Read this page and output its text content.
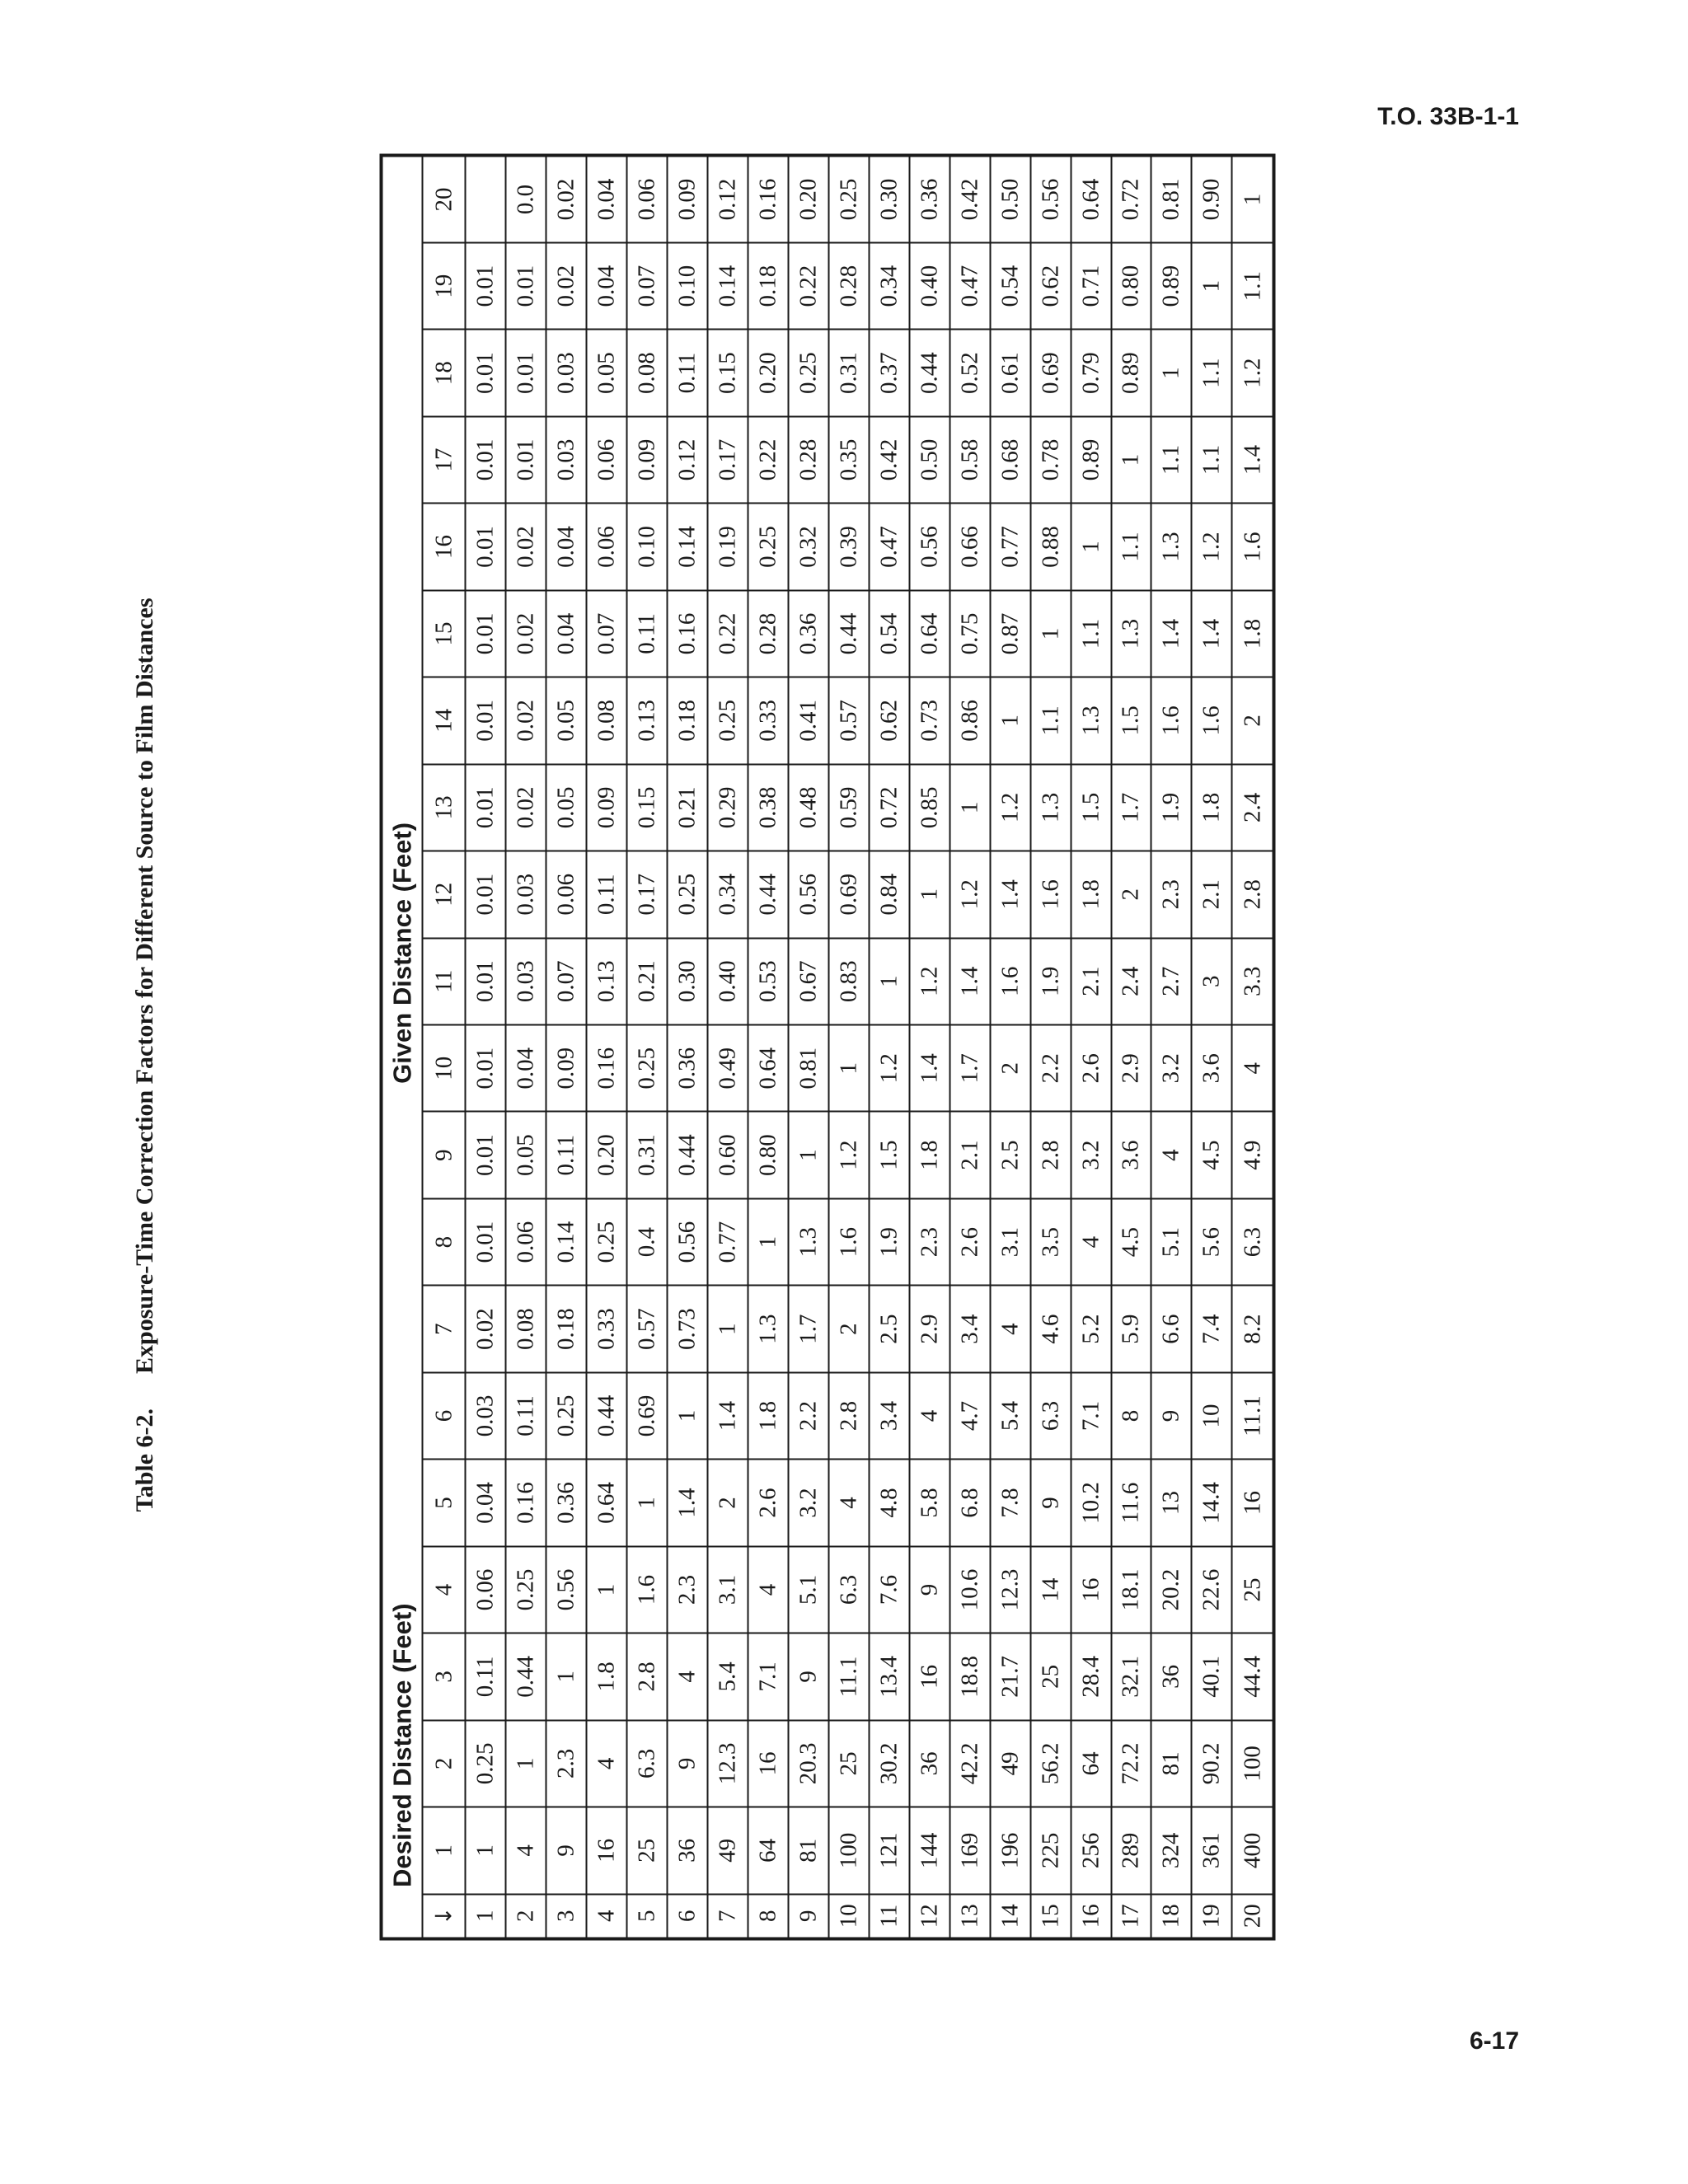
T.O. 33B-1-1
Table 6-2.Exposure-Time Correction Factors for Different Source to Film Distances
	Desired Distance (Feet)									Given Distance (Feet)										
↓	1	2	3	4	5	6	7	8	9	10	11	12	13	14	15	16	17	18	19	20
1	1	0.25	0.11	0.06	0.04	0.03	0.02	0.01	0.01	0.01	0.01	0.01	0.01	0.01	0.01	0.01	0.01	0.01	0.01	
2	4	1	0.44	0.25	0.16	0.11	0.08	0.06	0.05	0.04	0.03	0.03	0.02	0.02	0.02	0.02	0.01	0.01	0.01	0.0
3	9	2.3	1	0.56	0.36	0.25	0.18	0.14	0.11	0.09	0.07	0.06	0.05	0.05	0.04	0.04	0.03	0.03	0.02	0.02
4	16	4	1.8	1	0.64	0.44	0.33	0.25	0.20	0.16	0.13	0.11	0.09	0.08	0.07	0.06	0.06	0.05	0.04	0.04
5	25	6.3	2.8	1.6	1	0.69	0.57	0.4	0.31	0.25	0.21	0.17	0.15	0.13	0.11	0.10	0.09	0.08	0.07	0.06
6	36	9	4	2.3	1.4	1	0.73	0.56	0.44	0.36	0.30	0.25	0.21	0.18	0.16	0.14	0.12	0.11	0.10	0.09
7	49	12.3	5.4	3.1	2	1.4	1	0.77	0.60	0.49	0.40	0.34	0.29	0.25	0.22	0.19	0.17	0.15	0.14	0.12
8	64	16	7.1	4	2.6	1.8	1.3	1	0.80	0.64	0.53	0.44	0.38	0.33	0.28	0.25	0.22	0.20	0.18	0.16
9	81	20.3	9	5.1	3.2	2.2	1.7	1.3	1	0.81	0.67	0.56	0.48	0.41	0.36	0.32	0.28	0.25	0.22	0.20
10	100	25	11.1	6.3	4	2.8	2	1.6	1.2	1	0.83	0.69	0.59	0.57	0.44	0.39	0.35	0.31	0.28	0.25
11	121	30.2	13.4	7.6	4.8	3.4	2.5	1.9	1.5	1.2	1	0.84	0.72	0.62	0.54	0.47	0.42	0.37	0.34	0.30
12	144	36	16	9	5.8	4	2.9	2.3	1.8	1.4	1.2	1	0.85	0.73	0.64	0.56	0.50	0.44	0.40	0.36
13	169	42.2	18.8	10.6	6.8	4.7	3.4	2.6	2.1	1.7	1.4	1.2	1	0.86	0.75	0.66	0.58	0.52	0.47	0.42
14	196	49	21.7	12.3	7.8	5.4	4	3.1	2.5	2	1.6	1.4	1.2	1	0.87	0.77	0.68	0.61	0.54	0.50
15	225	56.2	25	14	9	6.3	4.6	3.5	2.8	2.2	1.9	1.6	1.3	1.1	1	0.88	0.78	0.69	0.62	0.56
16	256	64	28.4	16	10.2	7.1	5.2	4	3.2	2.6	2.1	1.8	1.5	1.3	1.1	1	0.89	0.79	0.71	0.64
17	289	72.2	32.1	18.1	11.6	8	5.9	4.5	3.6	2.9	2.4	2	1.7	1.5	1.3	1.1	1	0.89	0.80	0.72
18	324	81	36	20.2	13	9	6.6	5.1	4	3.2	2.7	2.3	1.9	1.6	1.4	1.3	1.1	1	0.89	0.81
19	361	90.2	40.1	22.6	14.4	10	7.4	5.6	4.5	3.6	3	2.1	1.8	1.6	1.4	1.2	1.1	1.1	1	0.90
20	400	100	44.4	25	16	11.1	8.2	6.3	4.9	4	3.3	2.8	2.4	2	1.8	1.6	1.4	1.2	1.1	1
6-17
